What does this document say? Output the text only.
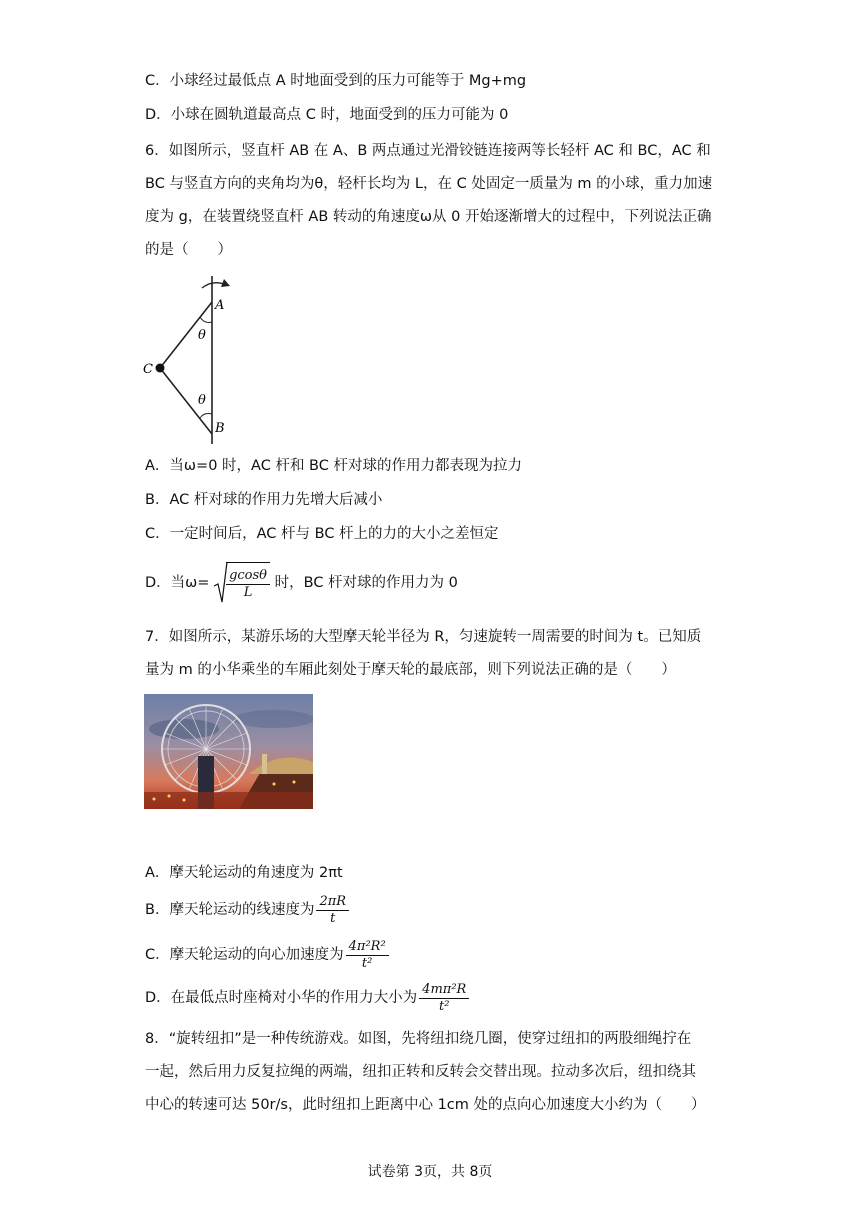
C．小球经过最低点 A 时地面受到的压力可能等于 Mg+mg
D．小球在圆轨道最高点 C 时，地面受到的压力可能为 0
6．如图所示，竖直杆 AB 在 A、B 两点通过光滑铰链连接两等长轻杆 AC 和 BC，AC 和
BC 与竖直方向的夹角均为θ，轻杆长均为 L，在 C 处固定一质量为 m 的小球，重力加速
度为 g，在装置绕竖直杆 AB 转动的角速度ω从 0 开始逐渐增大的过程中，下列说法正确
的是（　　）
A
θ
C
θ
B
A．当ω=0 时，AC 杆和 BC 杆对球的作用力都表现为拉力
B．AC 杆对球的作用力先增大后减小
C．一定时间后，AC 杆与 BC 杆上的力的大小之差恒定
D．当$\omega= \frac{gcos\theta}{L}$ 时，BC 杆对球的作用力为 0
7．如图所示，某游乐场的大型摩天轮半径为 R，匀速旋转一周需要的时间为 t。已知质
量为 m 的小华乘坐的车厢此刻处于摩天轮的最底部，则下列说法正确的是（　　）
A．摩天轮运动的角速度为 2πt
B．摩天轮运动的线速度为 $\frac{2\pi R}{t}$
C．摩天轮运动的向心加速度为 $\frac{\text{4π²R²}}{\text{t²}}$
D．在最低点时座椅对小华的作用力大小为 $\frac{\text{4mπ²R}}{\text{t²}}$
8．“旋转纽扣”是一种传统游戏。如图，先将纽扣绕几圈，使穿过纽扣的两股细绳拧在
一起，然后用力反复拉绳的两端，纽扣正转和反转会交替出现。拉动多次后，纽扣绕其
中心的转速可达 50r/s，此时纽扣上距离中心 1cm 处的点向心加速度大小约为（　　）
试卷第 3页，共 8页
